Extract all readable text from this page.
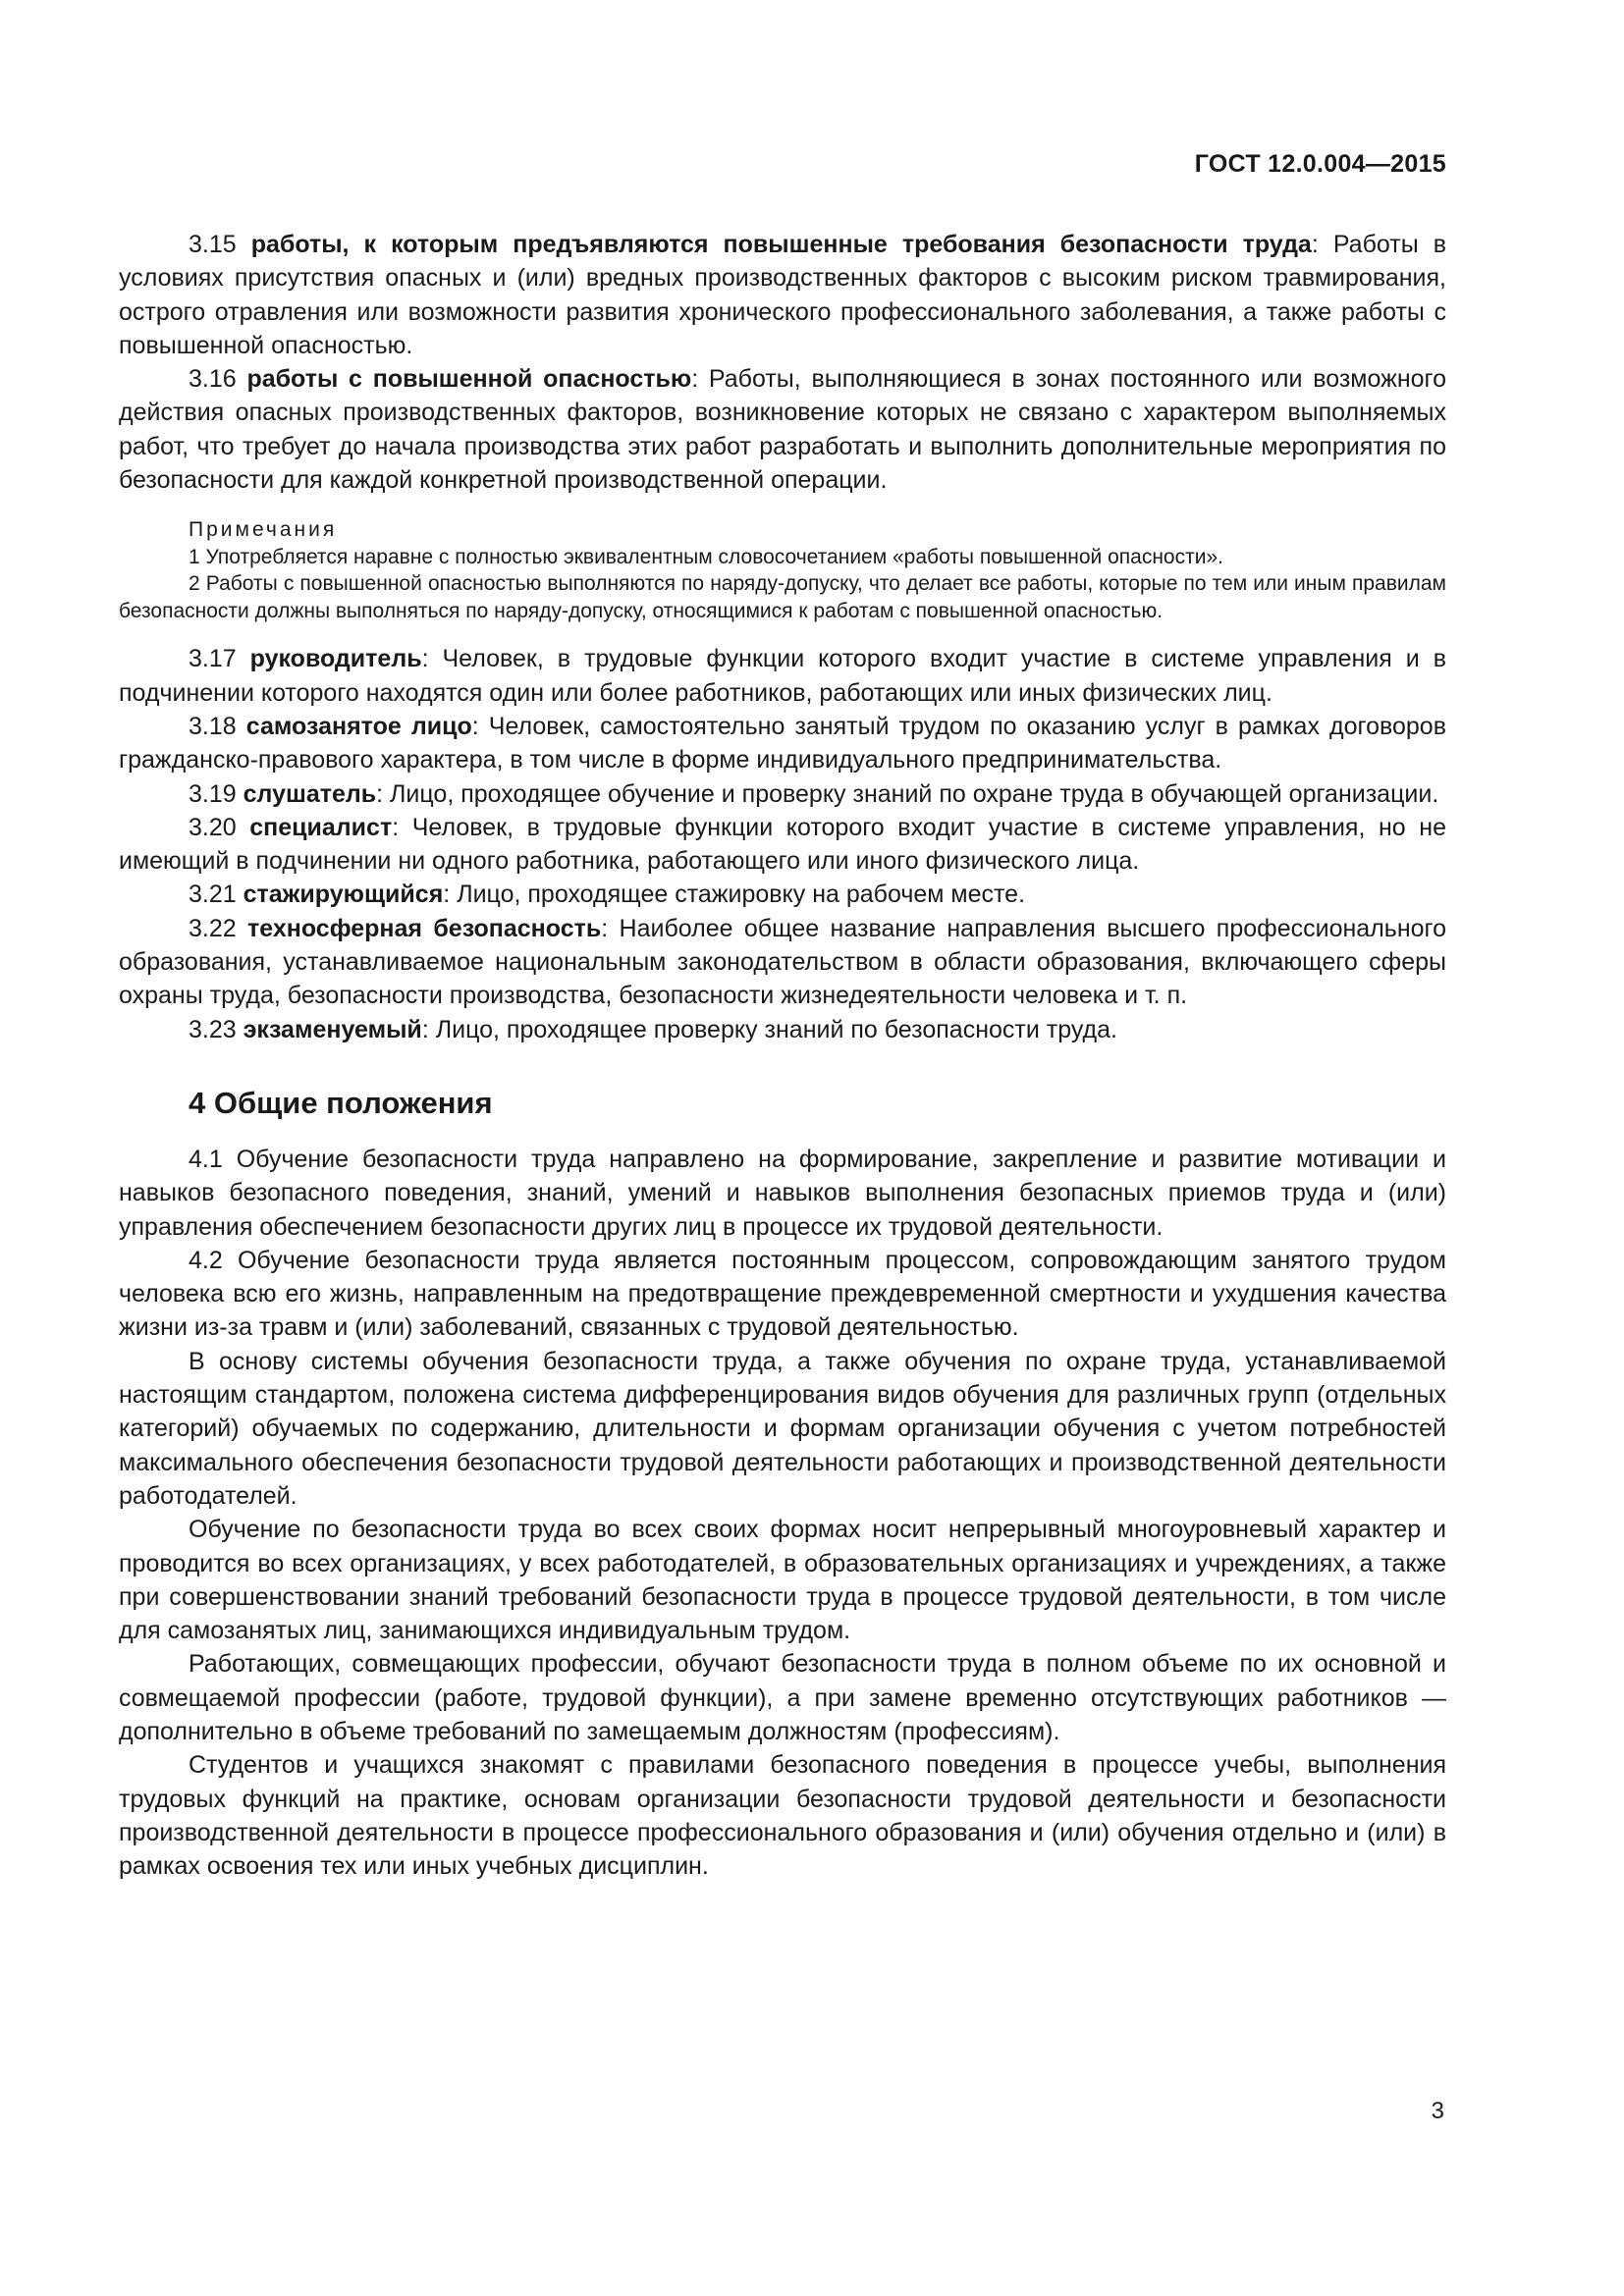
ГОСТ 12.0.004—2015

3.15 работы, к которым предъявляются повышенные требования безопасности труда: Работы в условиях присутствия опасных и (или) вредных производственных факторов с высоким риском травмирования, острого отравления или возможности развития хронического профессионального заболевания, а также работы с повышенной опасностью.

3.16 работы с повышенной опасностью: Работы, выполняющиеся в зонах постоянного или возможного действия опасных производственных факторов, возникновение которых не связано с характером выполняемых работ, что требует до начала производства этих работ разработать и выполнить дополнительные мероприятия по безопасности для каждой конкретной производственной операции.

Примечания

1 Употребляется наравне с полностью эквивалентным словосочетанием «работы повышенной опасности».

2 Работы с повышенной опасностью выполняются по наряду-допуску, что делает все работы, которые по тем или иным правилам безопасности должны выполняться по наряду-допуску, относящимися к работам с повышенной опасностью.

3.17 руководитель: Человек, в трудовые функции которого входит участие в системе управления и в подчинении которого находятся один или более работников, работающих или иных физических лиц.

3.18 самозанятое лицо: Человек, самостоятельно занятый трудом по оказанию услуг в рамках договоров гражданско-правового характера, в том числе в форме индивидуального предпринимательства.

3.19 слушатель: Лицо, проходящее обучение и проверку знаний по охране труда в обучающей организации.

3.20 специалист: Человек, в трудовые функции которого входит участие в системе управления, но не имеющий в подчинении ни одного работника, работающего или иного физического лица.

3.21 стажирующийся: Лицо, проходящее стажировку на рабочем месте.

3.22 техносферная безопасность: Наиболее общее название направления высшего профессионального образования, устанавливаемое национальным законодательством в области образования, включающего сферы охраны труда, безопасности производства, безопасности жизнедеятельности человека и т. п.

3.23 экзаменуемый: Лицо, проходящее проверку знаний по безопасности труда.

4 Общие положения

4.1 Обучение безопасности труда направлено на формирование, закрепление и развитие мотивации и навыков безопасного поведения, знаний, умений и навыков выполнения безопасных приемов труда и (или) управления обеспечением безопасности других лиц в процессе их трудовой деятельности.

4.2 Обучение безопасности труда является постоянным процессом, сопровождающим занятого трудом человека всю его жизнь, направленным на предотвращение преждевременной смертности и ухудшения качества жизни из-за травм и (или) заболеваний, связанных с трудовой деятельностью.

В основу системы обучения безопасности труда, а также обучения по охране труда, устанавливаемой настоящим стандартом, положена система дифференцирования видов обучения для различных групп (отдельных категорий) обучаемых по содержанию, длительности и формам организации обучения с учетом потребностей максимального обеспечения безопасности трудовой деятельности работающих и производственной деятельности работодателей.

Обучение по безопасности труда во всех своих формах носит непрерывный многоуровневый характер и проводится во всех организациях, у всех работодателей, в образовательных организациях и учреждениях, а также при совершенствовании знаний требований безопасности труда в процессе трудовой деятельности, в том числе для самозанятых лиц, занимающихся индивидуальным трудом.

Работающих, совмещающих профессии, обучают безопасности труда в полном объеме по их основной и совмещаемой профессии (работе, трудовой функции), а при замене временно отсутствующих работников — дополнительно в объеме требований по замещаемым должностям (профессиям).

Студентов и учащихся знакомят с правилами безопасного поведения в процессе учебы, выполнения трудовых функций на практике, основам организации безопасности трудовой деятельности и безопасности производственной деятельности в процессе профессионального образования и (или) обучения отдельно и (или) в рамках освоения тех или иных учебных дисциплин.

3
